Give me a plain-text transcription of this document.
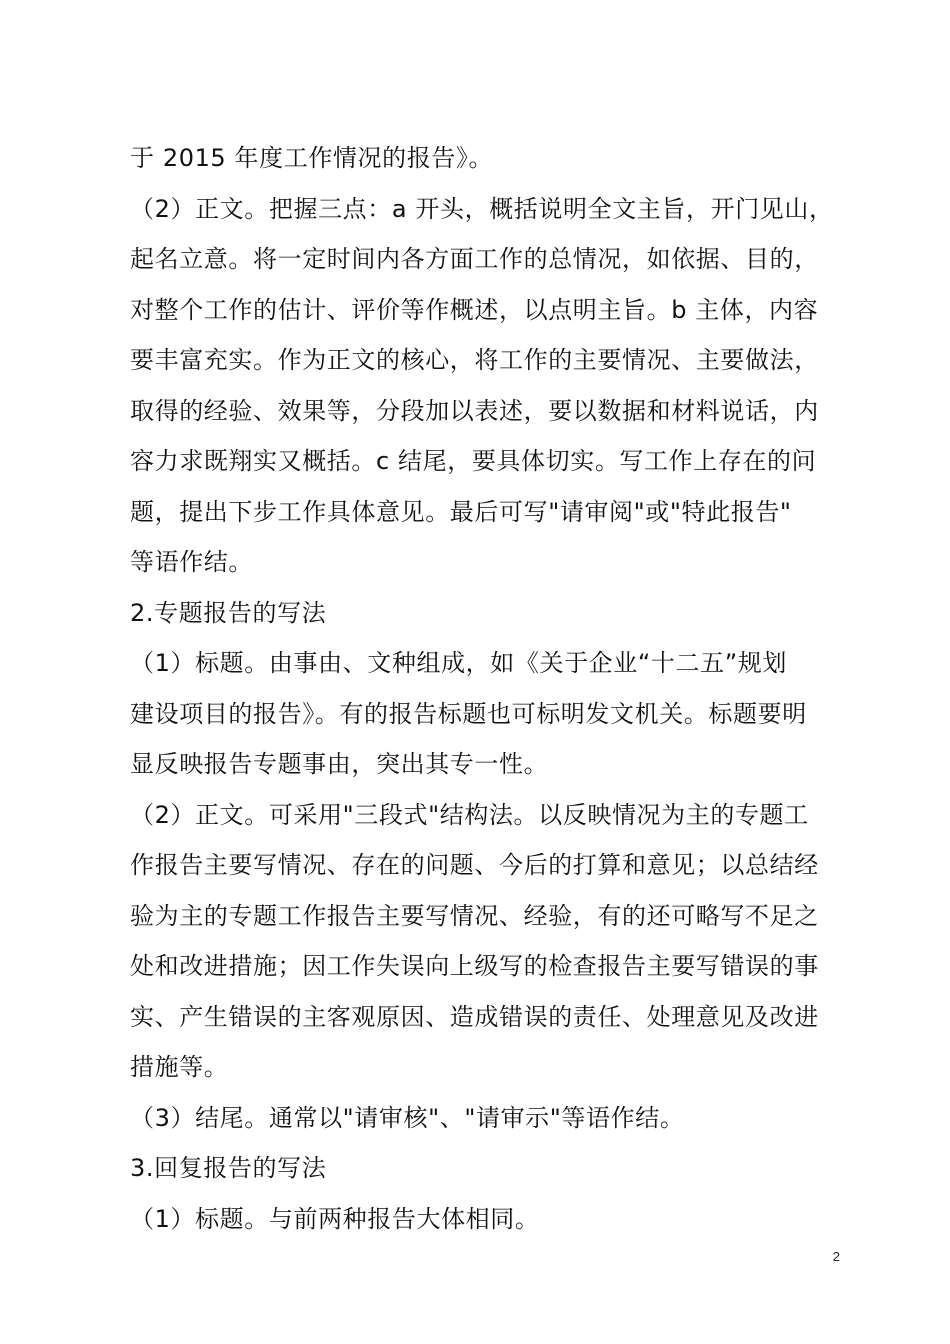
于 2015 年度工作情况的报告》。
（2）正文。把握三点：a 开头，概括说明全文主旨，开门见山，
起名立意。将一定时间内各方面工作的总情况，如依据、目的，
对整个工作的估计、评价等作概述，以点明主旨。b 主体，内容
要丰富充实。作为正文的核心，将工作的主要情况、主要做法，
取得的经验、效果等，分段加以表述，要以数据和材料说话，内
容力求既翔实又概括。c 结尾，要具体切实。写工作上存在的问
题，提出下步工作具体意见。最后可写"请审阅"或"特此报告"
等语作结。
2.专题报告的写法
（1）标题。由事由、文种组成，如《关于企业“十二五”规划
建设项目的报告》。有的报告标题也可标明发文机关。标题要明
显反映报告专题事由，突出其专一性。
（2）正文。可采用"三段式"结构法。以反映情况为主的专题工
作报告主要写情况、存在的问题、今后的打算和意见；以总结经
验为主的专题工作报告主要写情况、经验，有的还可略写不足之
处和改进措施；因工作失误向上级写的检查报告主要写错误的事
实、产生错误的主客观原因、造成错误的责任、处理意见及改进
措施等。
（3）结尾。通常以"请审核"、"请审示"等语作结。
3.回复报告的写法
（1）标题。与前两种报告大体相同。
2
